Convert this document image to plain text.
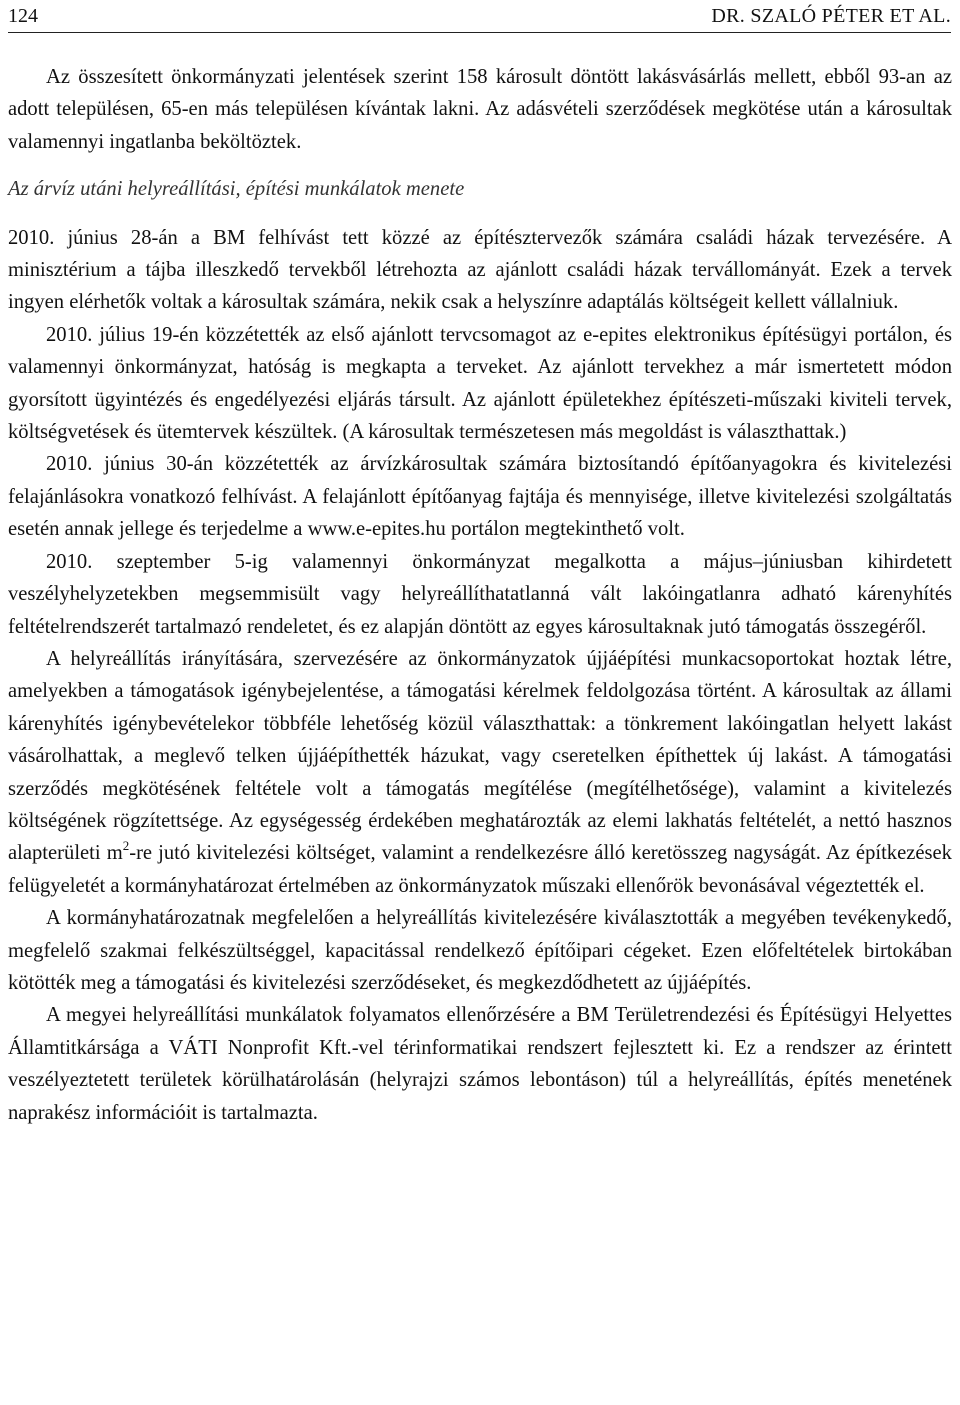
124	DR. SZALÓ PÉTER ET AL.

Az összesített önkormányzati jelentések szerint 158 károsult döntött lakásvásárlás mellett, ebből 93-an az adott településen, 65-en más településen kívántak lakni. Az adásvételi szerződések megkötése után a károsultak valamennyi ingatlanba beköltöztek.

Az árvíz utáni helyreállítási, építési munkálatok menete

2010. június 28-án a BM felhívást tett közzé az építésztervezők számára családi házak tervezésére. A minisztérium a tájba illeszkedő tervekből létrehozta az ajánlott családi házak tervállományát. Ezek a tervek ingyen elérhetők voltak a károsultak számára, nekik csak a helyszínre adaptálás költségeit kellett vállalniuk.

2010. július 19-én közzétették az első ajánlott tervcsomagot az e-epites elektronikus építésügyi portálon, és valamennyi önkormányzat, hatóság is megkapta a terveket. Az ajánlott tervekhez a már ismertetett módon gyorsított ügyintézés és engedélyezési eljárás társult. Az ajánlott épületekhez építészeti-műszaki kiviteli tervek, költségvetések és ütemtervek készültek. (A károsultak természetesen más megoldást is választhattak.)

2010. június 30-án közzétették az árvízkárosultak számára biztosítandó építőanyagokra és kivitelezési felajánlásokra vonatkozó felhívást. A felajánlott építőanyag fajtája és mennyisége, illetve kivitelezési szolgáltatás esetén annak jellege és terjedelme a www.e-​epites.hu portálon megtekinthető volt.

2010. szeptember 5-ig valamennyi önkormányzat megalkotta a május–júniusban kihirdetett veszélyhelyzetekben megsemmisült vagy helyreállíthatatlanná vált lakóingatlanra adható kárenyhítés feltételrendszerét tartalmazó rendeletet, és ez alapján döntött az egyes károsultaknak jutó támogatás összegéről.

A helyreállítás irányítására, szervezésére az önkormányzatok újjáépítési munkacsoportokat hoztak létre, amelyekben a támogatások igénybejelentése, a támogatási kérelmek feldolgozása történt. A károsultak az állami kárenyhítés igénybevételekor többféle lehetőség közül választhattak: a tönkrement lakóingatlan helyett lakást vásárolhattak, a meglevő telken újjáépíthették házukat, vagy cseretelken építhettek új lakást. A támogatási szerződés megkötésének feltétele volt a támogatás megítélése (megítélhetősége), valamint a kivitelezés költségének rögzítettsége. Az egységesség érdekében meghatározták az elemi lakhatás feltételét, a nettó hasznos alapterületi $m^2-re$ jutó kivitelezési költséget, valamint a rendelkezésre álló keretösszeg nagyságát. Az építkezések felügyeletét a kormányhatározat értelmében az önkormányzatok műszaki ellenőrök bevonásával végeztették el.

A kormányhatározatnak megfelelően a helyreállítás kivitelezésére kiválasztották a megyében tevékenykedő, megfelelő szakmai felkészültséggel, kapacitással rendelkező építőipari cégeket. Ezen előfeltételek birtokában kötötték meg a támogatási és kivitelezési szerződéseket, és megkezdődhetett az újjáépítés.

A megyei helyreállítási munkálatok folyamatos ellenőrzésére a BM Területrendezési és Építésügyi Helyettes Államtitkársága a VÁTI Nonprofit Kft.-vel térinformatikai rendszert fejlesztett ki. Ez a rendszer az érintett veszélyeztetett területek körülhatárolásán (helyrajzi számos lebontáson) túl a helyreállítás, építés menetének naprakész információit is tartalmazta.
